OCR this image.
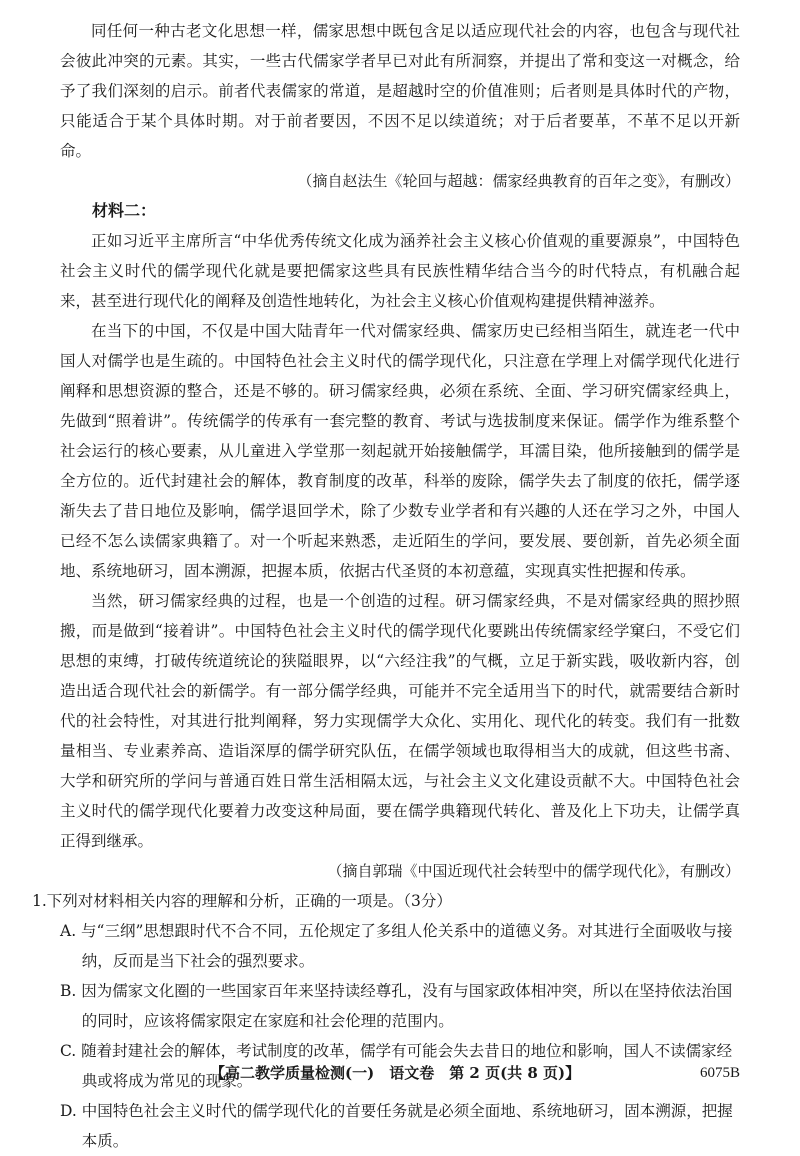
同任何一种古老文化思想一样，儒家思想中既包含足以适应现代社会的内容，也包含与现代社会彼此冲突的元素。其实，一些古代儒家学者早已对此有所洞察，并提出了常和变这一对概念，给予了我们深刻的启示。前者代表儒家的常道，是超越时空的价值准则；后者则是具体时代的产物，只能适合于某个具体时期。对于前者要因，不因不足以续道统；对于后者要革，不革不足以开新命。

（摘自赵法生《轮回与超越：儒家经典教育的百年之变》，有删改）

材料二：

正如习近平主席所言“中华优秀传统文化成为涵养社会主义核心价值观的重要源泉”，中国特色社会主义时代的儒学现代化就是要把儒家这些具有民族性精华结合当今的时代特点，有机融合起来，甚至进行现代化的阐释及创造性地转化，为社会主义核心价值观构建提供精神滋养。

在当下的中国，不仅是中国大陆青年一代对儒家经典、儒家历史已经相当陌生，就连老一代中国人对儒学也是生疏的。中国特色社会主义时代的儒学现代化，只注意在学理上对儒学现代化进行阐释和思想资源的整合，还是不够的。研习儒家经典，必须在系统、全面、学习研究儒家经典上，先做到“照着讲”。传统儒学的传承有一套完整的教育、考试与选拔制度来保证。儒学作为维系整个社会运行的核心要素，从儿童进入学堂那一刻起就开始接触儒学，耳濡目染，他所接触到的儒学是全方位的。近代封建社会的解体，教育制度的改革，科举的废除，儒学失去了制度的依托，儒学逐渐失去了昔日地位及影响，儒学退回学术，除了少数专业学者和有兴趣的人还在学习之外，中国人已经不怎么读儒家典籍了。对一个听起来熟悉，走近陌生的学问，要发展、要创新，首先必须全面地、系统地研习，固本溯源，把握本质，依据古代圣贤的本初意蕴，实现真实性把握和传承。

当然，研习儒家经典的过程，也是一个创造的过程。研习儒家经典，不是对儒家经典的照抄照搬，而是做到“接着讲”。中国特色社会主义时代的儒学现代化要跳出传统儒家经学窠臼，不受它们思想的束缚，打破传统道统论的狭隘眼界，以“六经注我”的气概，立足于新实践，吸收新内容，创造出适合现代社会的新儒学。有一部分儒学经典，可能并不完全适用当下的时代，就需要结合新时代的社会特性，对其进行批判阐释，努力实现儒学大众化、实用化、现代化的转变。我们有一批数量相当、专业素养高、造诣深厚的儒学研究队伍，在儒学领域也取得相当大的成就，但这些书斋、大学和研究所的学问与普通百姓日常生活相隔太远，与社会主义文化建设贡献不大。中国特色社会主义时代的儒学现代化要着力改变这种局面，要在儒学典籍现代转化、普及化上下功夫，让儒学真正得到继承。

（摘自郭瑞《中国近现代社会转型中的儒学现代化》，有删改）

1.下列对材料相关内容的理解和分析，正确的一项是。（3分）
A. 与“三纲”思想跟时代不合不同，五伦规定了多组人伦关系中的道德义务。对其进行全面吸收与接纳，反而是当下社会的强烈要求。
B. 因为儒家文化圈的一些国家百年来坚持读经尊孔，没有与国家政体相冲突，所以在坚持依法治国的同时，应该将儒家限定在家庭和社会伦理的范围内。
C. 随着封建社会的解体，考试制度的改革，儒学有可能会失去昔日的地位和影响，国人不读儒家经典或将成为常见的现象。
D. 中国特色社会主义时代的儒学现代化的首要任务就是必须全面地、系统地研习，固本溯源，把握本质。
【高二教学质量检测(一)　语文卷　第 2 页(共 8 页)】	6075B
